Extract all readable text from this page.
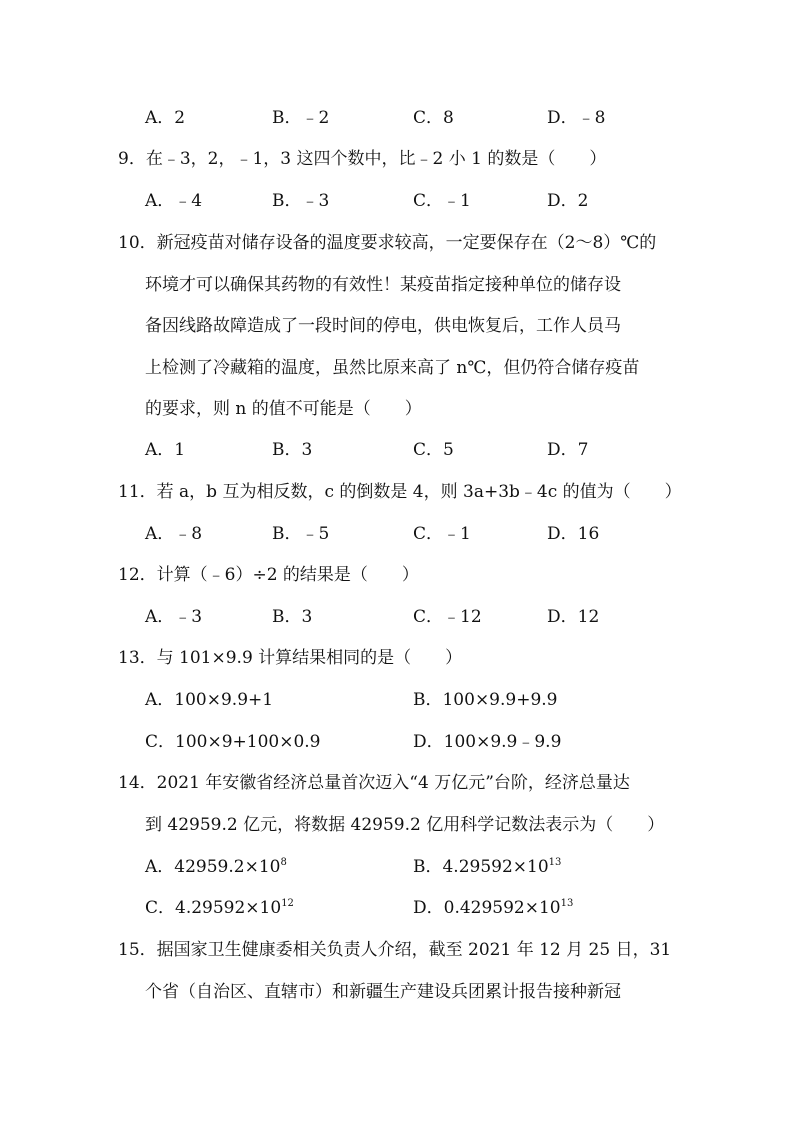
A．2	B．﹣2	C．8	D．﹣8
9．在﹣3，2，﹣1，3 这四个数中，比﹣2 小 1 的数是（　　）
A．﹣4	B．﹣3	C．﹣1	D．2
10．新冠疫苗对储存设备的温度要求较高，一定要保存在（2～8）℃的
环境才可以确保其药物的有效性！某疫苗指定接种单位的储存设
备因线路故障造成了一段时间的停电，供电恢复后，工作人员马
上检测了冷藏箱的温度，虽然比原来高了 n℃，但仍符合储存疫苗
的要求，则 n 的值不可能是（　　）
A．1	B．3	C．5	D．7
11．若 a，b 互为相反数，c 的倒数是 4，则 3a+3b﹣4c 的值为（　　）
A．﹣8	B．﹣5	C．﹣1	D．16
12．计算（﹣6）÷2 的结果是（　　）
A．﹣3	B．3	C．﹣12	D．12
13．与 101×9.9 计算结果相同的是（　　）
A．100×9.9+1	B．100×9.9+9.9
C．100×9+100×0.9	D．100×9.9﹣9.9
14．2021 年安徽省经济总量首次迈入“4 万亿元”台阶，经济总量达
到 42959.2 亿元，将数据 42959.2 亿用科学记数法表示为（　　）
A．$42959.2\times 10^8$	B．$4.29592\times 10^{13}$
C．$4.29592\times 10^{12}$	D．$0.429592\times 10^{13}$
15．据国家卫生健康委相关负责人介绍，截至 2021 年 12 月 25 日，31
个省（自治区、直辖市）和新疆生产建设兵团累计报告接种新冠
